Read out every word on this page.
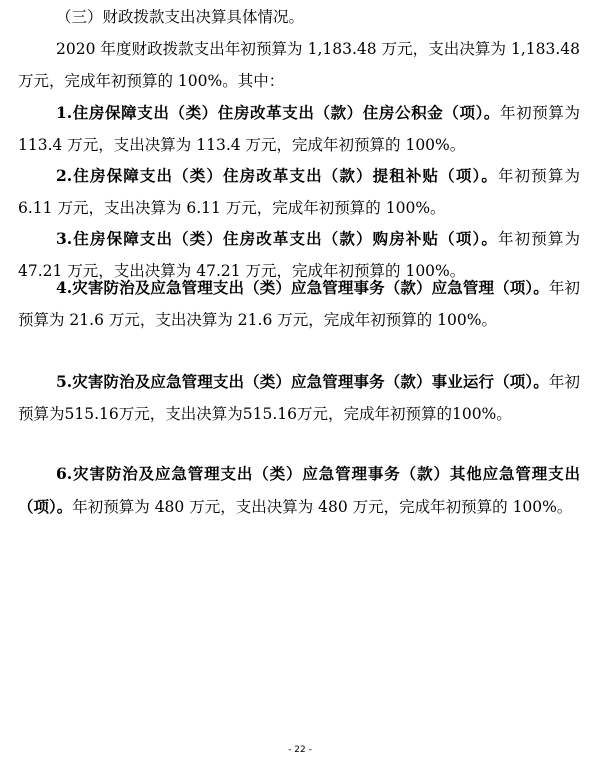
（三）财政拨款支出决算具体情况。

2020 年度财政拨款支出年初预算为 1,183.48 万元，支出决算为 1,183.48 万元，完成年初预算的 100%。其中：

1.住房保障支出（类）住房改革支出（款）住房公积金（项）。年初预算为 113.4 万元，支出决算为 113.4 万元，完成年初预算的 100%。

2.住房保障支出（类）住房改革支出（款）提租补贴（项）。年初预算为 6.11 万元，支出决算为 6.11 万元，完成年初预算的 100%。

3.住房保障支出（类）住房改革支出（款）购房补贴（项）。年初预算为 47.21 万元，支出决算为 47.21 万元，完成年初预算的 100%。

4.灾害防治及应急管理支出（类）应急管理事务（款）应急管理（项）。年初预算为 21.6 万元，支出决算为 21.6 万元，完成年初预算的 100%。

5.灾害防治及应急管理支出（类）应急管理事务（款）事业运行（项）。年初预算为515.16万元，支出决算为515.16万元，完成年初预算的100%。

6.灾害防治及应急管理支出（类）应急管理事务（款）其他应急管理支出（项）。年初预算为 480 万元，支出决算为 480 万元，完成年初预算的 100%。

- 22 -
